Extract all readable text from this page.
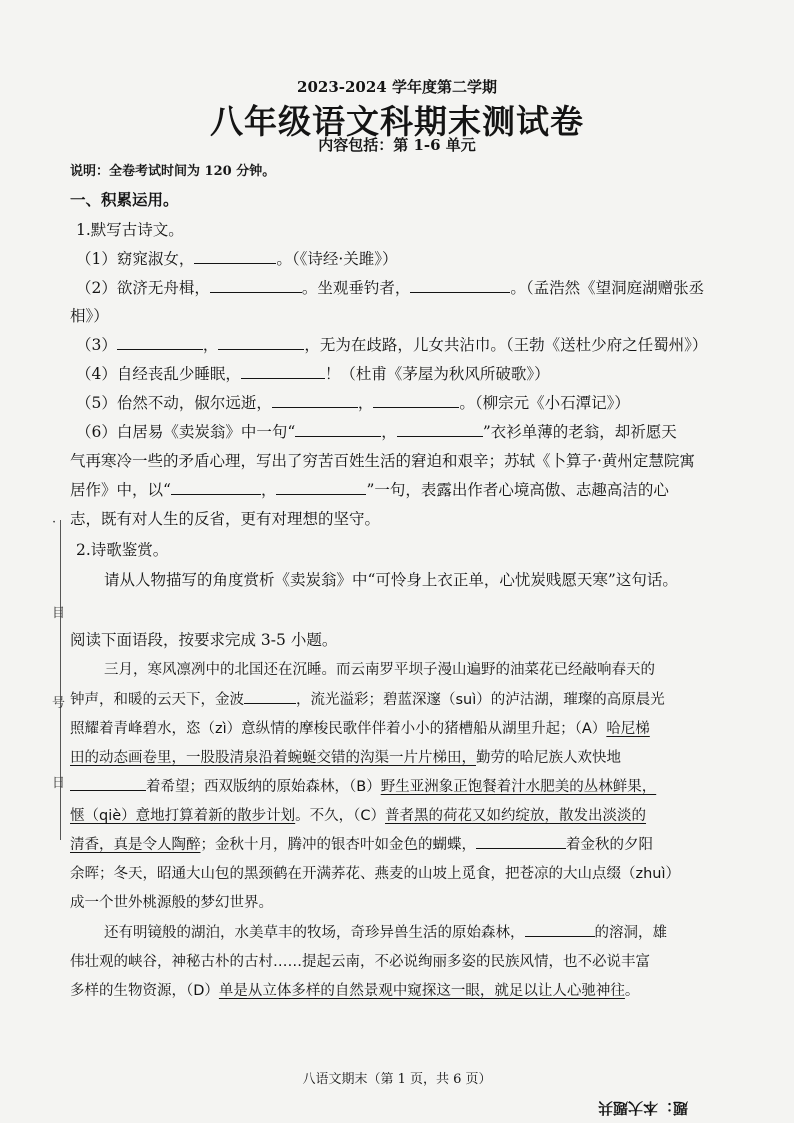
2023-2024 学年度第二学期
八年级语文科期末测试卷
内容包括：第 1-6 单元
说明：全卷考试时间为 120 分钟。
·
目
号
日
一、积累运用。
1.默写古诗文。
（1）窈窕淑女，	。（《诗经·关雎》）
（2）欲济无舟楫，	。坐观垂钓者，	。（孟浩然《望洞庭湖赠张丞
相》）
（3）	，	，无为在歧路，儿女共沾巾。（王勃《送杜少府之任蜀州》）
（4）自经丧乱少睡眠，	！（杜甫《茅屋为秋风所破歌》）
（5）佁然不动，俶尔远逝，	，	。（柳宗元《小石潭记》）
（6）白居易《卖炭翁》中一句“	，	”衣衫单薄的老翁，却祈愿天
气再寒冷一些的矛盾心理，写出了穷苦百姓生活的窘迫和艰辛；苏轼《卜算子·黄州定慧院寓
居作》中，以“	，	”一句，表露出作者心境高傲、志趣高洁的心
志，既有对人生的反省，更有对理想的坚守。
2.诗歌鉴赏。
请从人物描写的角度赏析《卖炭翁》中“可怜身上衣正单，心忧炭贱愿天寒”这句话。
阅读下面语段，按要求完成 3-5 小题。
三月，寒风凛冽中的北国还在沉睡。而云南罗平坝子漫山遍野的油菜花已经敲响春天的
钟声，和暖的云天下，金波	，流光溢彩；碧蓝深邃（suì）的泸沽湖，璀璨的高原晨光
照耀着青峰碧水，恣（zì）意纵情的摩梭民歌伴伴着小小的猪槽船从湖里升起；（A）哈尼梯
田的动态画卷里，一股股清泉沿着蜿蜒交错的沟渠一片片梯田，勤劳的哈尼族人欢快地
着希望；西双版纳的原始森林，（B）野生亚洲象正饱餐着汁水肥美的丛林鲜果，
惬（qiè）意地打算着新的散步计划。不久，（C）普者黑的荷花又如约绽放，散发出淡淡的
清香，真是令人陶醉；金秋十月，腾冲的银杏叶如金色的蝴蝶，	着金秋的夕阳
余晖；冬天，昭通大山包的黑颈鹤在开满荞花、燕麦的山坡上觅食，把苍凉的大山点缀（zhuì）
成一个世外桃源般的梦幻世界。
还有明镜般的湖泊，水美草丰的牧场，奇珍异兽生活的原始森林，	的溶洞，雄
伟壮观的峡谷，神秘古朴的古村……提起云南，不必说绚丽多姿的民族风情，也不必说丰富
多样的生物资源，（D）单是从立体多样的自然景观中窥探这一眼，就足以让人心驰神往。
八语文期末（第 1 页，共 6 页）
题：本大题共
